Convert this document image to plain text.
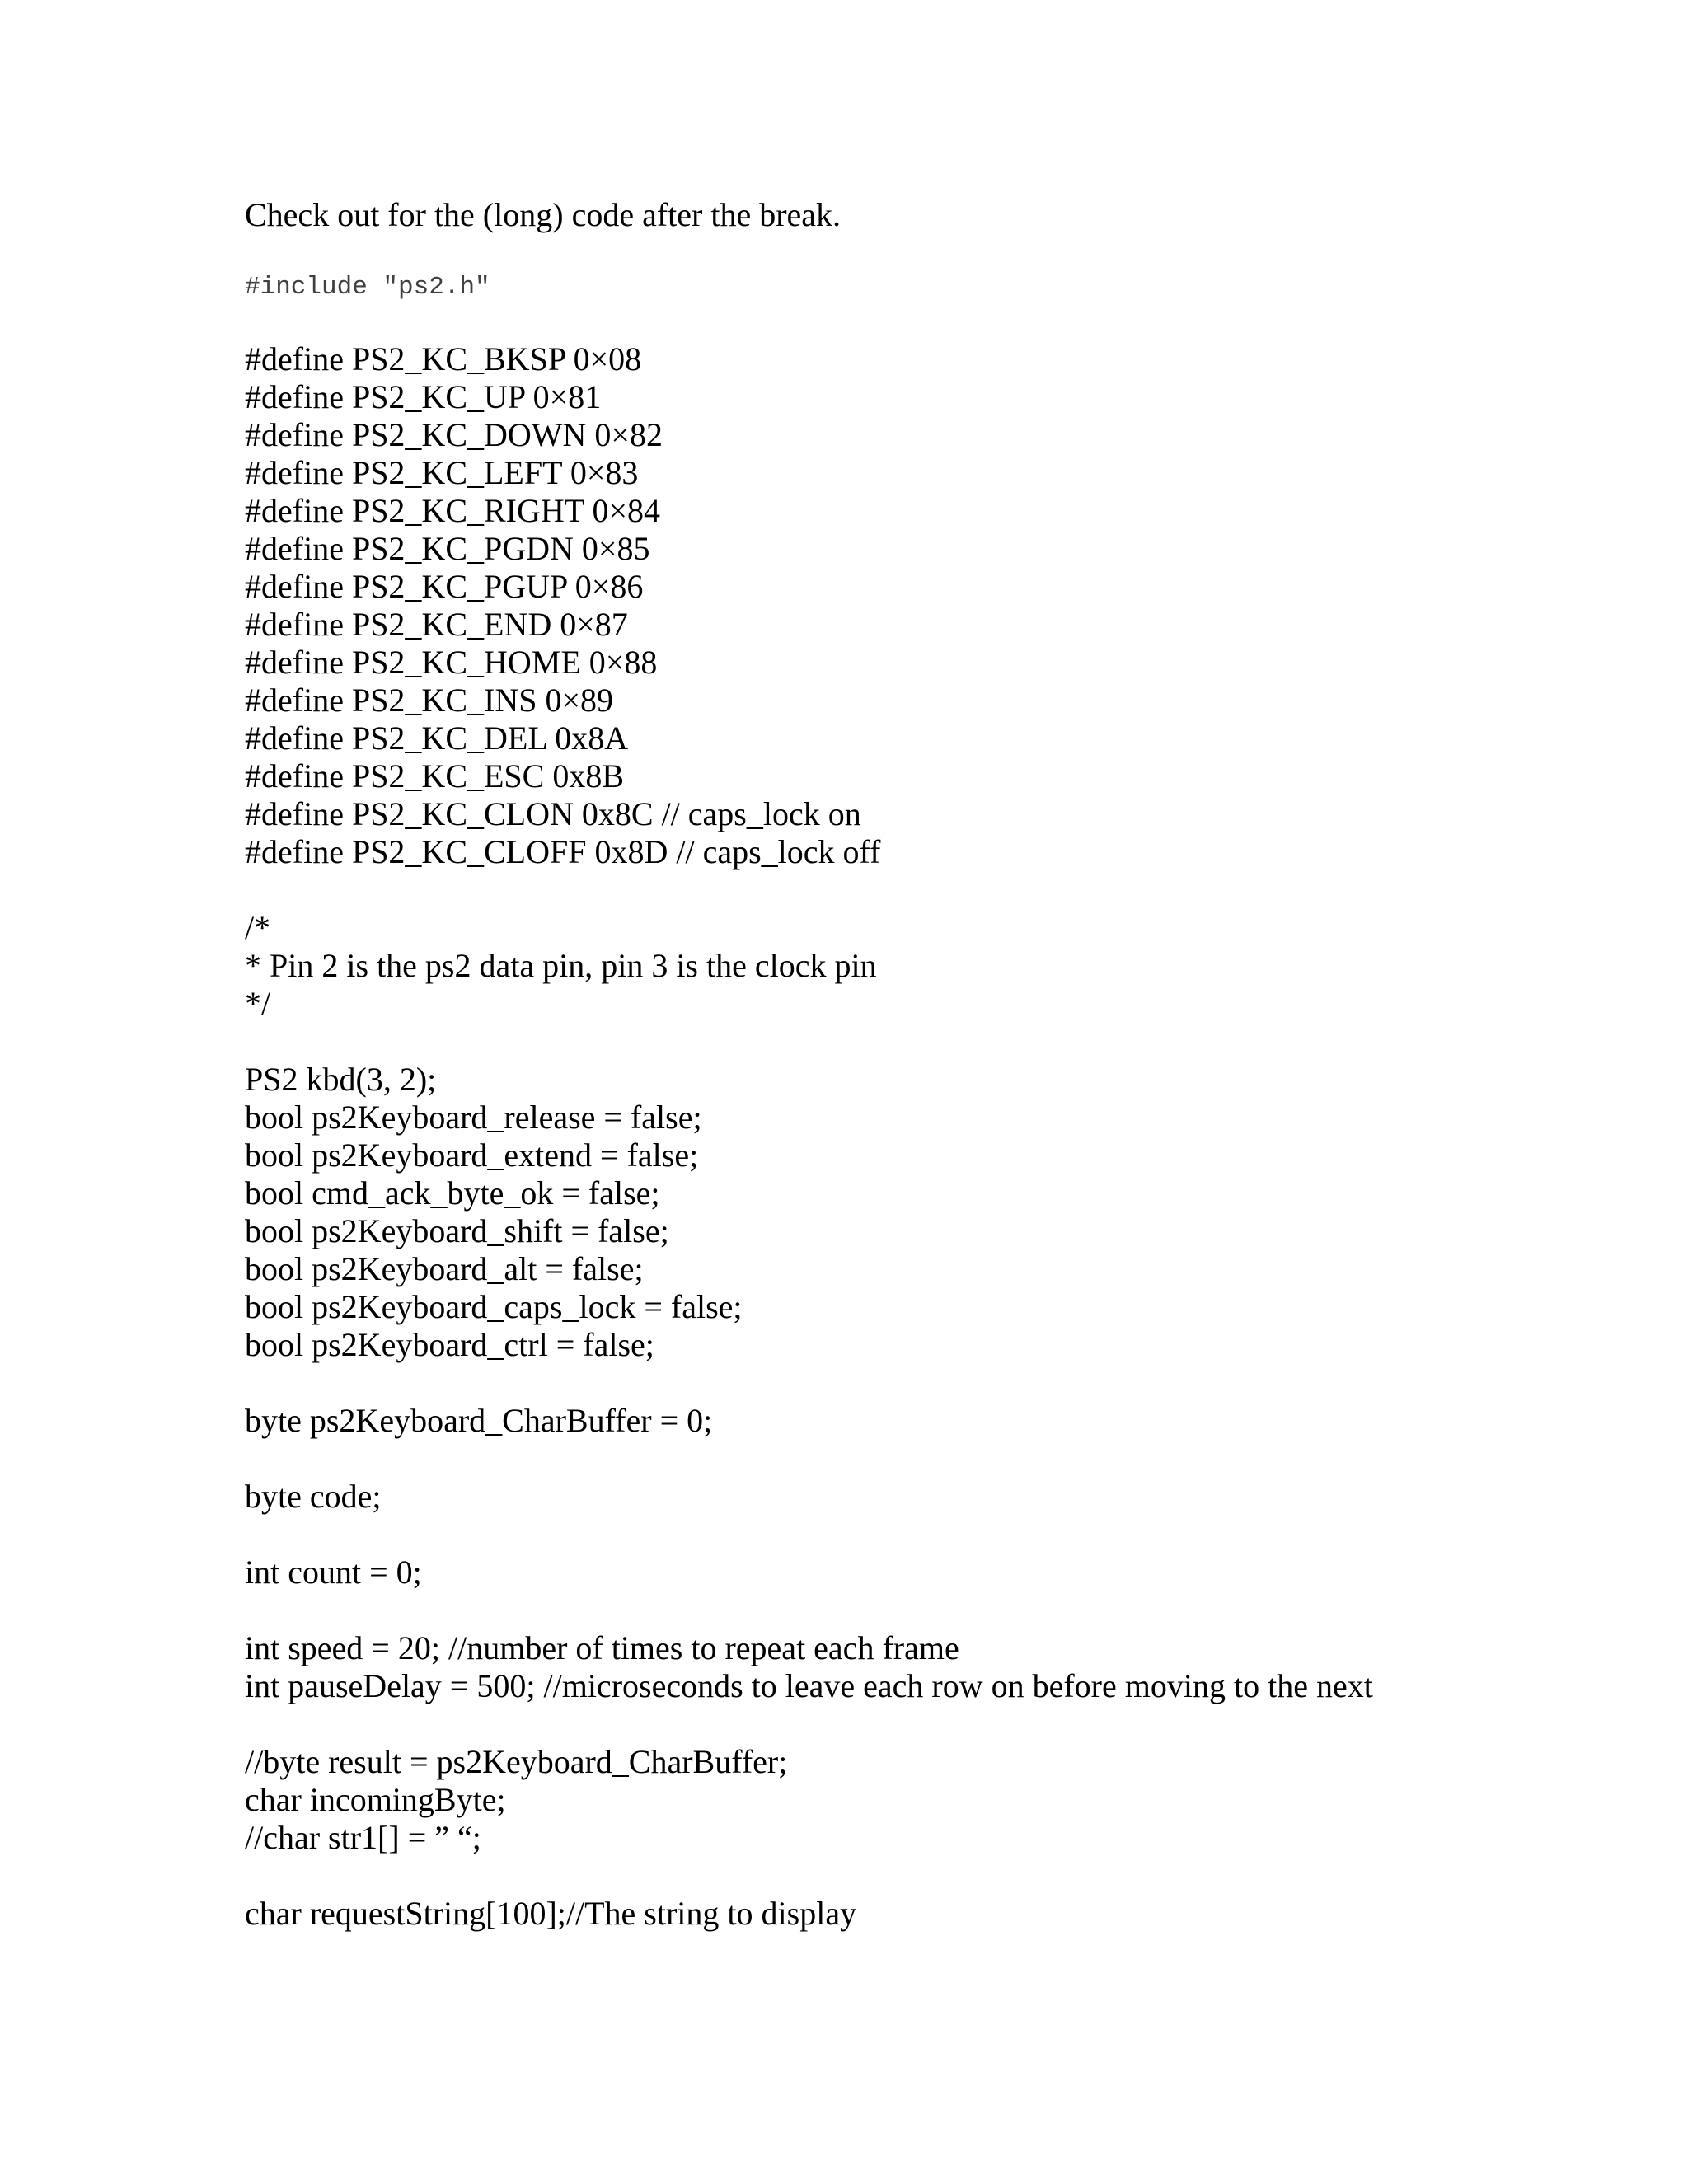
Check out for the (long) code after the break.
#include "ps2.h"
#define PS2_KC_BKSP 0×08
#define PS2_KC_UP 0×81
#define PS2_KC_DOWN 0×82
#define PS2_KC_LEFT 0×83
#define PS2_KC_RIGHT 0×84
#define PS2_KC_PGDN 0×85
#define PS2_KC_PGUP 0×86
#define PS2_KC_END 0×87
#define PS2_KC_HOME 0×88
#define PS2_KC_INS 0×89
#define PS2_KC_DEL 0x8A
#define PS2_KC_ESC 0x8B
#define PS2_KC_CLON 0x8C // caps_lock on
#define PS2_KC_CLOFF 0x8D // caps_lock off
/*
* Pin 2 is the ps2 data pin, pin 3 is the clock pin
*/
PS2 kbd(3, 2);
bool ps2Keyboard_release = false;
bool ps2Keyboard_extend = false;
bool cmd_ack_byte_ok = false;
bool ps2Keyboard_shift = false;
bool ps2Keyboard_alt = false;
bool ps2Keyboard_caps_lock = false;
bool ps2Keyboard_ctrl = false;
byte ps2Keyboard_CharBuffer = 0;
byte code;
int count = 0;
int speed = 20; //number of times to repeat each frame
int pauseDelay = 500; //microseconds to leave each row on before moving to the next
//byte result = ps2Keyboard_CharBuffer;
char incomingByte;
//char str1[] = ” “;
char requestString[100];//The string to display
